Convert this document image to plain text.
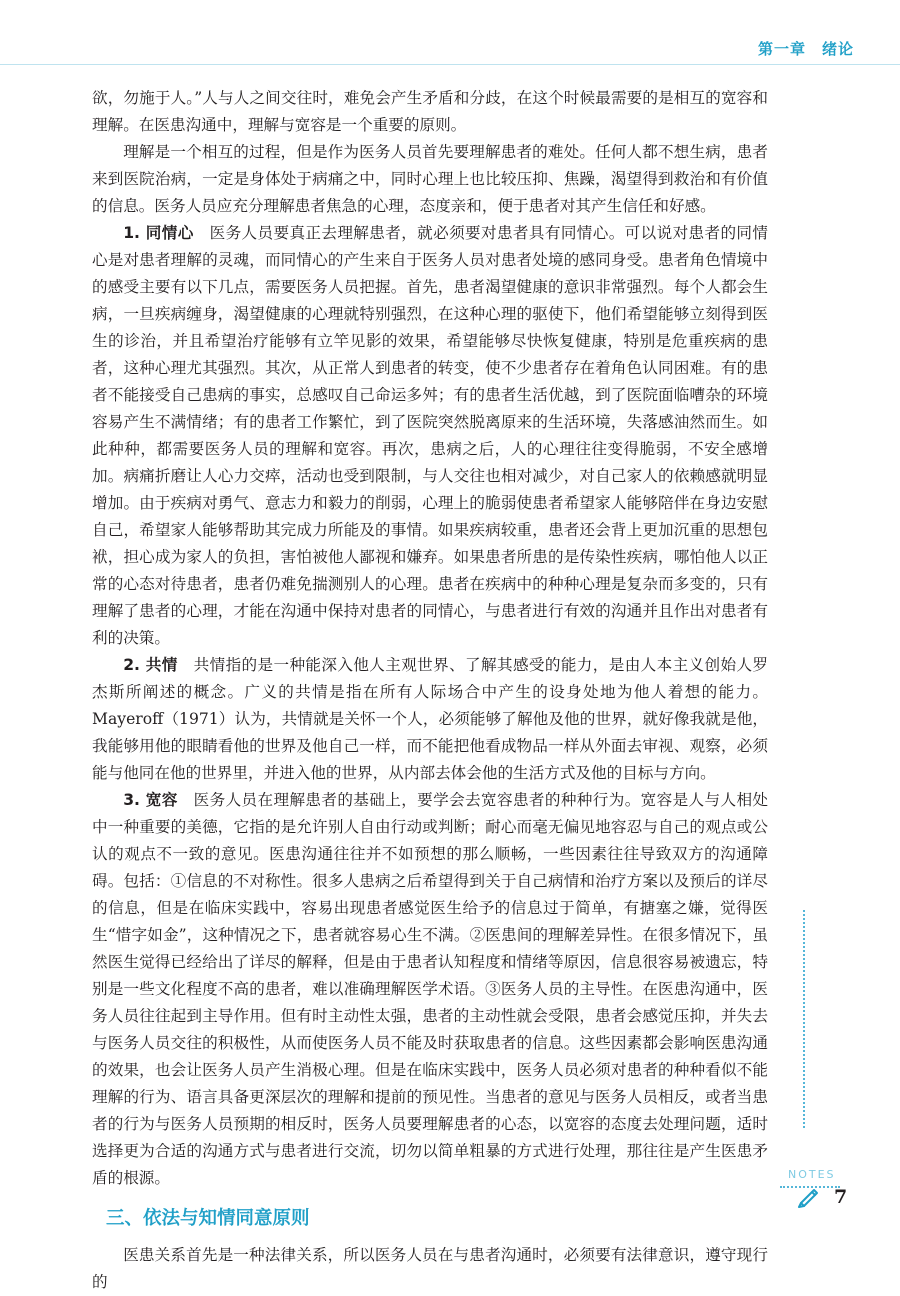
第一章　绪论

欲，勿施于人。”人与人之间交往时，难免会产生矛盾和分歧，在这个时候最需要的是相互的宽容和理解。在医患沟通中，理解与宽容是一个重要的原则。

理解是一个相互的过程，但是作为医务人员首先要理解患者的难处。任何人都不想生病，患者来到医院治病，一定是身体处于病痛之中，同时心理上也比较压抑、焦躁，渴望得到救治和有价值的信息。医务人员应充分理解患者焦急的心理，态度亲和，便于患者对其产生信任和好感。

1. 同情心　医务人员要真正去理解患者，就必须要对患者具有同情心。可以说对患者的同情心是对患者理解的灵魂，而同情心的产生来自于医务人员对患者处境的感同身受。患者角色情境中的感受主要有以下几点，需要医务人员把握。首先，患者渴望健康的意识非常强烈。每个人都会生病，一旦疾病缠身，渴望健康的心理就特别强烈，在这种心理的驱使下，他们希望能够立刻得到医生的诊治，并且希望治疗能够有立竿见影的效果，希望能够尽快恢复健康，特别是危重疾病的患者，这种心理尤其强烈。其次，从正常人到患者的转变，使不少患者存在着角色认同困难。有的患者不能接受自己患病的事实，总感叹自己命运多舛；有的患者生活优越，到了医院面临嘈杂的环境容易产生不满情绪；有的患者工作繁忙，到了医院突然脱离原来的生活环境，失落感油然而生。如此种种，都需要医务人员的理解和宽容。再次，患病之后，人的心理往往变得脆弱，不安全感增加。病痛折磨让人心力交瘁，活动也受到限制，与人交往也相对减少，对自己家人的依赖感就明显增加。由于疾病对勇气、意志力和毅力的削弱，心理上的脆弱使患者希望家人能够陪伴在身边安慰自己，希望家人能够帮助其完成力所能及的事情。如果疾病较重，患者还会背上更加沉重的思想包袱，担心成为家人的负担，害怕被他人鄙视和嫌弃。如果患者所患的是传染性疾病，哪怕他人以正常的心态对待患者，患者仍难免揣测别人的心理。患者在疾病中的种种心理是复杂而多变的，只有理解了患者的心理，才能在沟通中保持对患者的同情心，与患者进行有效的沟通并且作出对患者有利的决策。

2. 共情　共情指的是一种能深入他人主观世界、了解其感受的能力，是由人本主义创始人罗杰斯所阐述的概念。广义的共情是指在所有人际场合中产生的设身处地为他人着想的能力。Mayeroff（1971）认为，共情就是关怀一个人，必须能够了解他及他的世界，就好像我就是他，我能够用他的眼睛看他的世界及他自己一样，而不能把他看成物品一样从外面去审视、观察，必须能与他同在他的世界里，并进入他的世界，从内部去体会他的生活方式及他的目标与方向。

3. 宽容　医务人员在理解患者的基础上，要学会去宽容患者的种种行为。宽容是人与人相处中一种重要的美德，它指的是允许别人自由行动或判断；耐心而毫无偏见地容忍与自己的观点或公认的观点不一致的意见。医患沟通往往并不如预想的那么顺畅，一些因素往往导致双方的沟通障碍。包括：①信息的不对称性。很多人患病之后希望得到关于自己病情和治疗方案以及预后的详尽的信息，但是在临床实践中，容易出现患者感觉医生给予的信息过于简单，有搪塞之嫌，觉得医生“惜字如金”，这种情况之下，患者就容易心生不满。②医患间的理解差异性。在很多情况下，虽然医生觉得已经给出了详尽的解释，但是由于患者认知程度和情绪等原因，信息很容易被遗忘，特别是一些文化程度不高的患者，难以准确理解医学术语。③医务人员的主导性。在医患沟通中，医务人员往往起到主导作用。但有时主动性太强，患者的主动性就会受限，患者会感觉压抑，并失去与医务人员交往的积极性，从而使医务人员不能及时获取患者的信息。这些因素都会影响医患沟通的效果，也会让医务人员产生消极心理。但是在临床实践中，医务人员必须对患者的种种看似不能理解的行为、语言具备更深层次的理解和提前的预见性。当患者的意见与医务人员相反，或者当患者的行为与医务人员预期的相反时，医务人员要理解患者的心态，以宽容的态度去处理问题，适时选择更为合适的沟通方式与患者进行交流，切勿以简单粗暴的方式进行处理，那往往是产生医患矛盾的根源。

三、依法与知情同意原则

医患关系首先是一种法律关系，所以医务人员在与患者沟通时，必须要有法律意识，遵守现行的

NOTES
7
